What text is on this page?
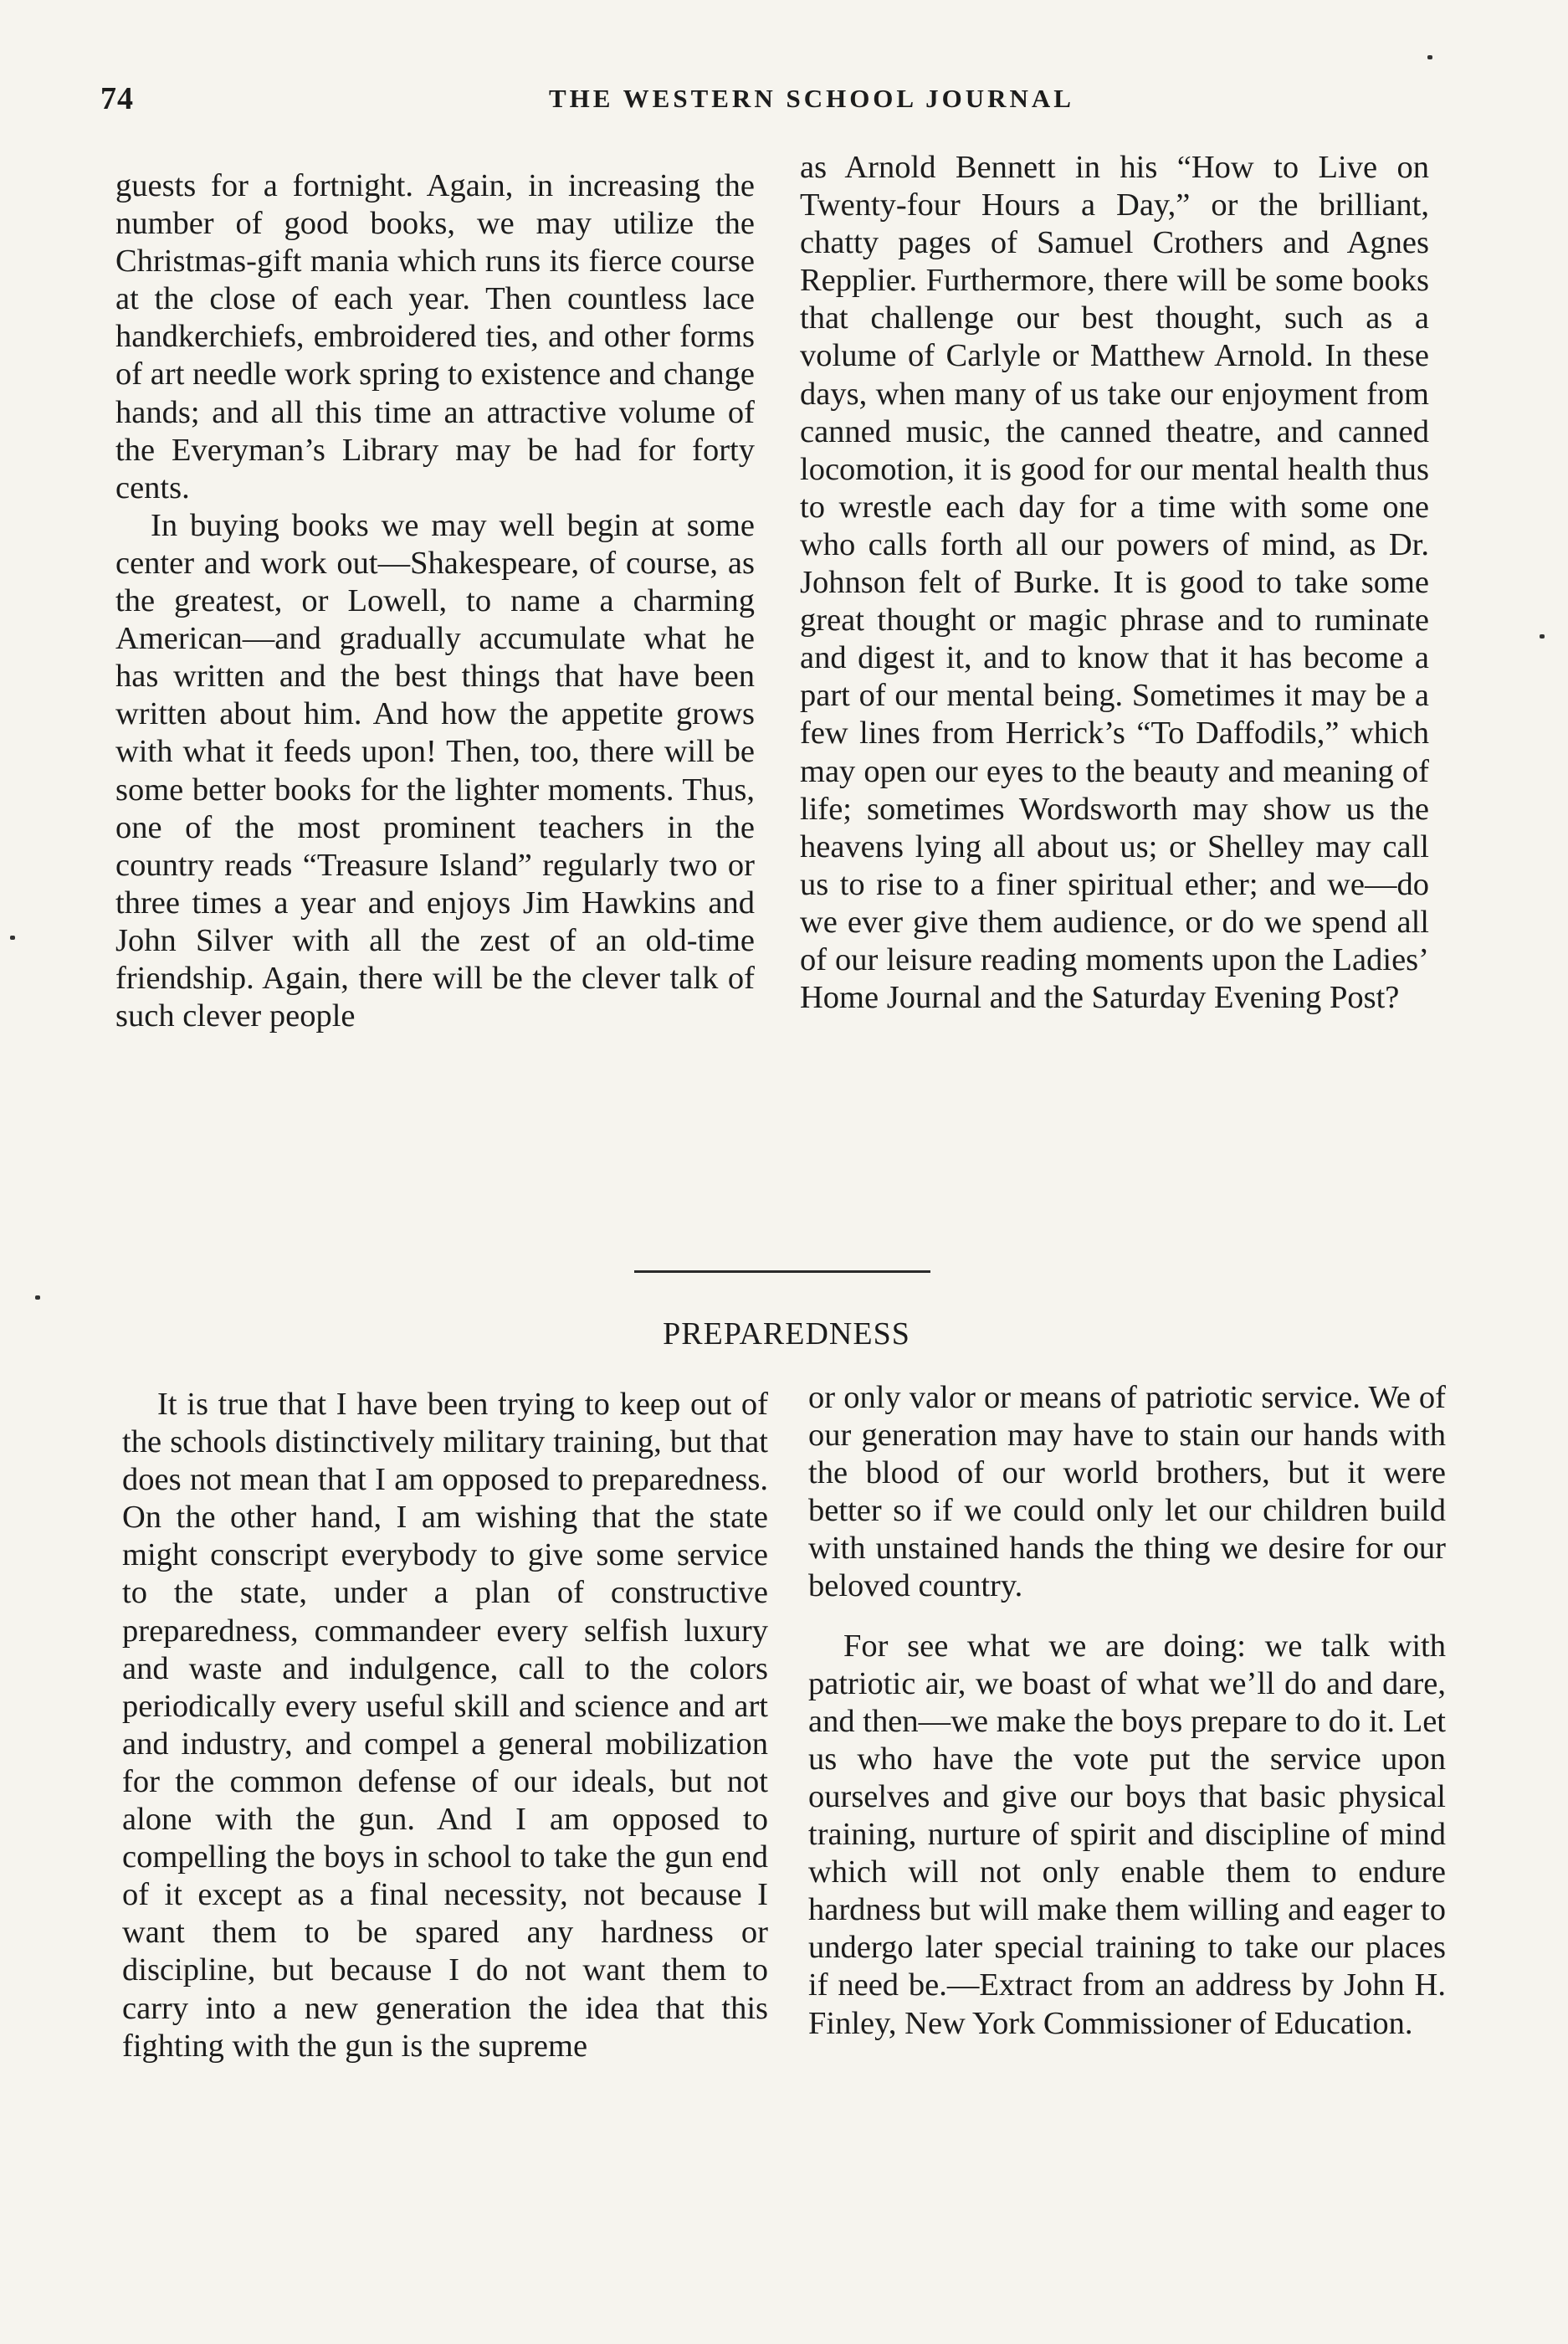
74	THE WESTERN SCHOOL JOURNAL

guests for a fortnight. Again, in increasing the number of good books, we may utilize the Christmas-gift mania which runs its fierce course at the close of each year. Then countless lace handkerchiefs, embroidered ties, and other forms of art needle work spring to existence and change hands; and all this time an attractive volume of the Everyman’s Library may be had for forty cents.

In buying books we may well begin at some center and work out—Shakespeare, of course, as the greatest, or Lowell, to name a charming American—and gradually accumulate what he has written and the best things that have been written about him. And how the appetite grows with what it feeds upon! Then, too, there will be some better books for the lighter moments. Thus, one of the most prominent teachers in the country reads “Treasure Island” regularly two or three times a year and enjoys Jim Hawkins and John Silver with all the zest of an old-time friendship. Again, there will be the clever talk of such clever people

as Arnold Bennett in his “How to Live on Twenty-four Hours a Day,” or the brilliant, chatty pages of Samuel Crothers and Agnes Repplier. Furthermore, there will be some books that challenge our best thought, such as a volume of Carlyle or Matthew Arnold. In these days, when many of us take our enjoyment from canned music, the canned theatre, and canned locomotion, it is good for our mental health thus to wrestle each day for a time with some one who calls forth all our powers of mind, as Dr. Johnson felt of Burke. It is good to take some great thought or magic phrase and to ruminate and digest it, and to know that it has become a part of our mental being. Sometimes it may be a few lines from Herrick’s “To Daffodils,” which may open our eyes to the beauty and meaning of life; sometimes Wordsworth may show us the heavens lying all about us; or Shelley may call us to rise to a finer spiritual ether; and we—do we ever give them audience, or do we spend all of our leisure reading moments upon the Ladies’ Home Journal and the Saturday Evening Post?

PREPAREDNESS

It is true that I have been trying to keep out of the schools distinctively military training, but that does not mean that I am opposed to preparedness. On the other hand, I am wishing that the state might conscript everybody to give some service to the state, under a plan of constructive preparedness, commandeer every selfish luxury and waste and indulgence, call to the colors periodically every useful skill and science and art and industry, and compel a general mobilization for the common defense of our ideals, but not alone with the gun. And I am opposed to compelling the boys in school to take the gun end of it except as a final necessity, not because I want them to be spared any hardness or discipline, but because I do not want them to carry into a new generation the idea that this fighting with the gun is the supreme

or only valor or means of patriotic service. We of our generation may have to stain our hands with the blood of our world brothers, but it were better so if we could only let our children build with unstained hands the thing we desire for our beloved country.

For see what we are doing: we talk with patriotic air, we boast of what we’ll do and dare, and then—we make the boys prepare to do it. Let us who have the vote put the service upon ourselves and give our boys that basic physical training, nurture of spirit and discipline of mind which will not only enable them to endure hardness but will make them willing and eager to undergo later special training to take our places if need be.—Extract from an address by John H. Finley, New York Commissioner of Education.
